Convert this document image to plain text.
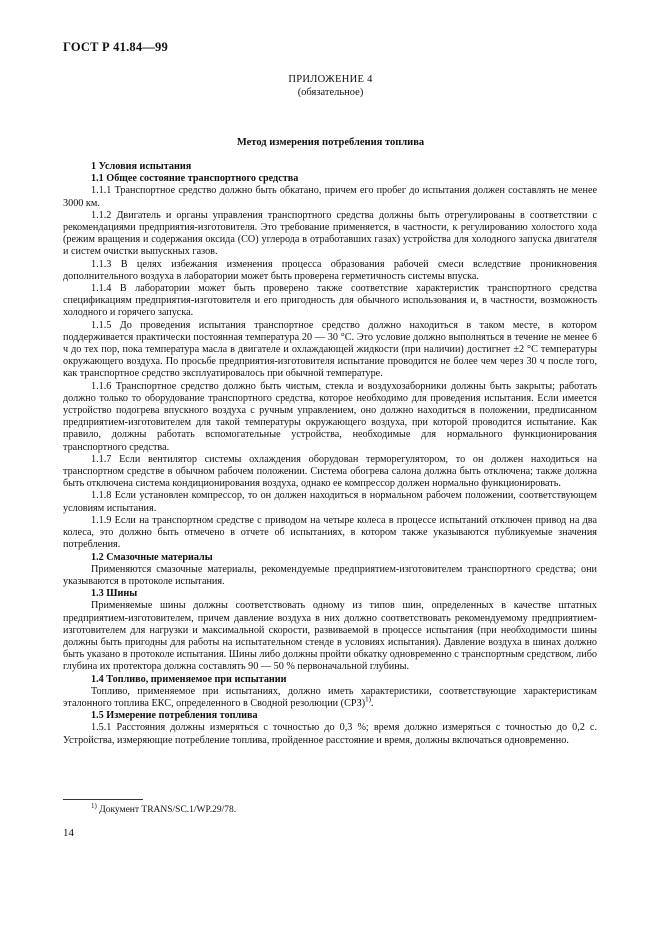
ГОСТ Р 41.84—99
ПРИЛОЖЕНИЕ 4
(обязательное)
Метод измерения потребления топлива
1 Условия испытания
1.1 Общее состояние транспортного средства

1.1.1 Транспортное средство должно быть обкатано, причем его пробег до испытания должен составлять не менее 3000 км.

1.1.2 Двигатель и органы управления транспортного средства должны быть отрегулированы в соответствии с рекомендациями предприятия-изготовителя. Это требование применяется, в частности, к регулированию холостого хода (режим вращения и содержания оксида (СО) углерода в отработавших газах) устройства для холодного запуска двигателя и систем очистки выпускных газов.

1.1.3 В целях избежания изменения процесса образования рабочей смеси вследствие проникновения дополнительного воздуха в лаборатории может быть проверена герметичность системы впуска.

1.1.4 В лаборатории может быть проверено также соответствие характеристик транспортного средства спецификациям предприятия-изготовителя и его пригодность для обычного использования и, в частности, возможность холодного и горячего запуска.

1.1.5 До проведения испытания транспортное средство должно находиться в таком месте, в котором поддерживается практически постоянная температура 20 — 30 °С. Это условие должно выполняться в течение не менее 6 ч до тех пор, пока температура масла в двигателе и охлаждающей жидкости (при наличии) достигнет ±2 °С температуры окружающего воздуха. По просьбе предприятия-изготовителя испытание проводится не более чем через 30 ч после того, как транспортное средство эксплуатировалось при обычной температуре.

1.1.6 Транспортное средство должно быть чистым, стекла и воздухозаборники должны быть закрыты; работать должно только то оборудование транспортного средства, которое необходимо для проведения испытания. Если имеется устройство подогрева впускного воздуха с ручным управлением, оно должно находиться в положении, предписанном предприятием-изготовителем для такой температуры окружающего воздуха, при которой проводится испытание. Как правило, должны работать вспомогательные устройства, необходимые для нормального функционирования транспортного средства.

1.1.7 Если вентилятор системы охлаждения оборудован терморегулятором, то он должен находиться на транспортном средстве в обычном рабочем положении. Система обогрева салона должна быть отключена; также должна быть отключена система кондиционирования воздуха, однако ее компрессор должен нормально функционировать.

1.1.8 Если установлен компрессор, то он должен находиться в нормальном рабочем положении, соответствующем условиям испытания.

1.1.9 Если на транспортном средстве с приводом на четыре колеса в процессе испытаний отключен привод на два колеса, это должно быть отмечено в отчете об испытаниях, в котором также указываются публикуемые значения потребления.

1.2 Смазочные материалы

Применяются смазочные материалы, рекомендуемые предприятием-изготовителем транспортного средства; они указываются в протоколе испытания.

1.3 Шины

Применяемые шины должны соответствовать одному из типов шин, определенных в качестве штатных предприятием-изготовителем, причем давление воздуха в них должно соответствовать рекомендуемому предприятием-изготовителем для нагрузки и максимальной скорости, развиваемой в процессе испытания (при необходимости шины должны быть пригодны для работы на испытательном стенде в условиях испытания). Давление воздуха в шинах должно быть указано в протоколе испытания. Шины либо должны пройти обкатку одновременно с транспортным средством, либо глубина их протектора должна составлять 90 — 50 % первоначальной глубины.

1.4 Топливо, применяемое при испытании

Топливо, применяемое при испытаниях, должно иметь характеристики, соответствующие характеристикам эталонного топлива ЕКС, определенного в Сводной резолюции (СРЗ)$^{1)}$.

1.5 Измерение потребления топлива

1.5.1 Расстояния должны измеряться с точностью до 0,3 %; время должно измеряться с точностью до 0,2 с. Устройства, измеряющие потребление топлива, пройденное расстояние и время, должны включаться одновременно.

$^{1)}$ Документ TRANS/SC.1/WP.29/78.
14
